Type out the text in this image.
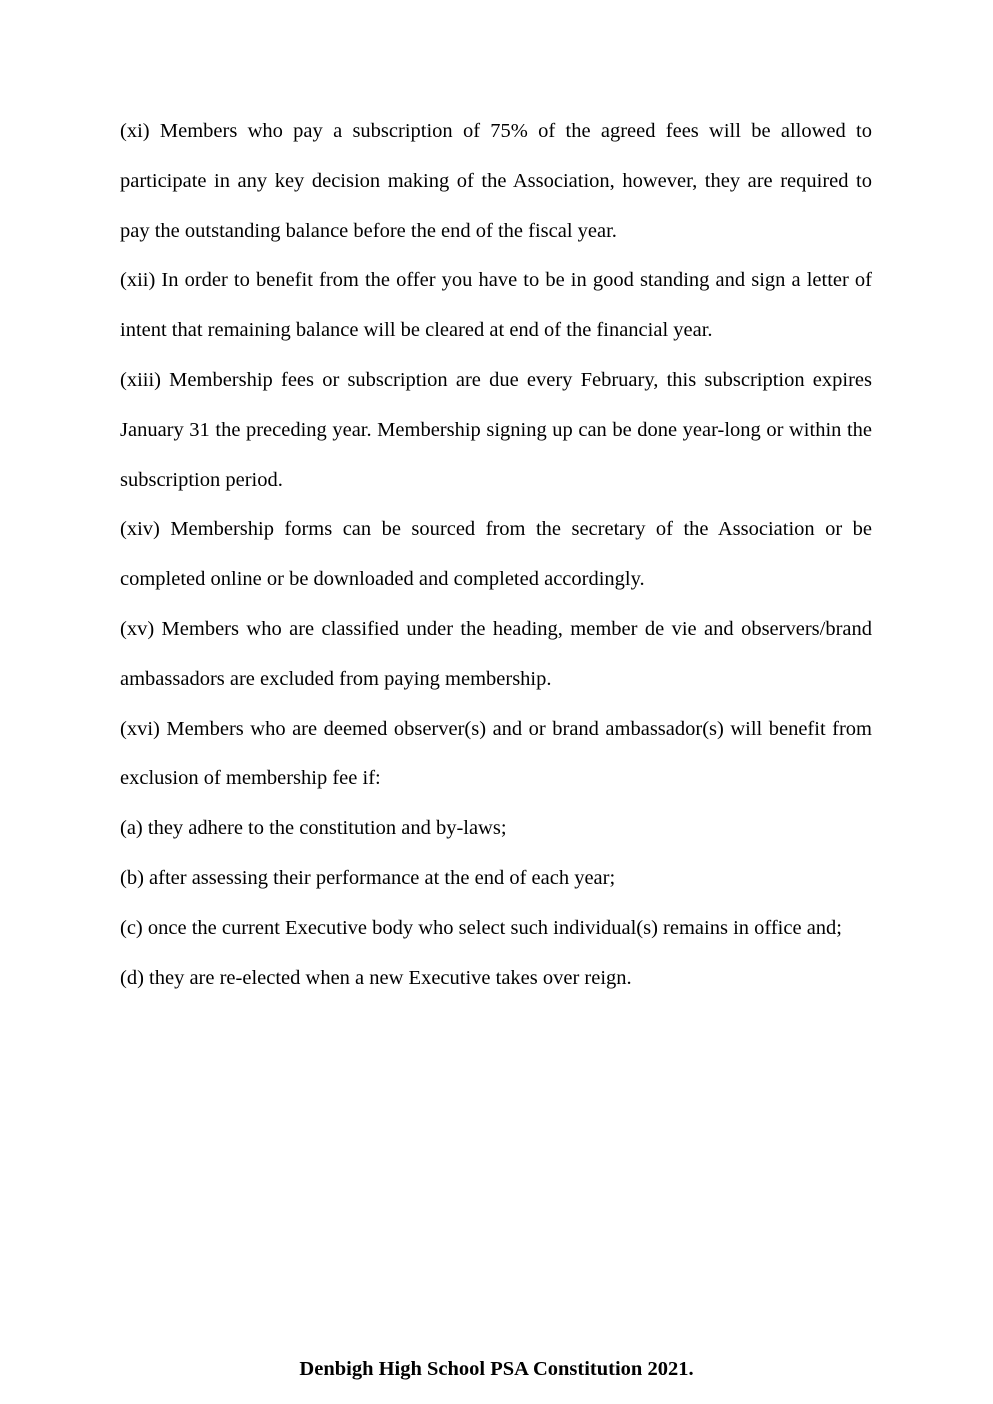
(xi) Members who pay a subscription of 75% of the agreed fees will be allowed to participate in any key decision making of the Association, however, they are required to pay the outstanding balance before the end of the fiscal year.

(xii) In order to benefit from the offer you have to be in good standing and sign a letter of intent that remaining balance will be cleared at end of the financial year.

(xiii) Membership fees or subscription are due every February, this subscription expires January 31 the preceding year. Membership signing up can be done year-long or within the subscription period.

(xiv) Membership forms can be sourced from the secretary of the Association or be completed online or be downloaded and completed accordingly.

(xv) Members who are classified under the heading, member de vie and observers/brand ambassadors are excluded from paying membership.

(xvi) Members who are deemed observer(s) and or brand ambassador(s) will benefit from exclusion of membership fee if:

(a) they adhere to the constitution and by-laws;

(b) after assessing their performance at the end of each year;

(c) once the current Executive body who select such individual(s) remains in office and;

(d) they are re-elected when a new Executive takes over reign.

Denbigh High School PSA Constitution 2021.
